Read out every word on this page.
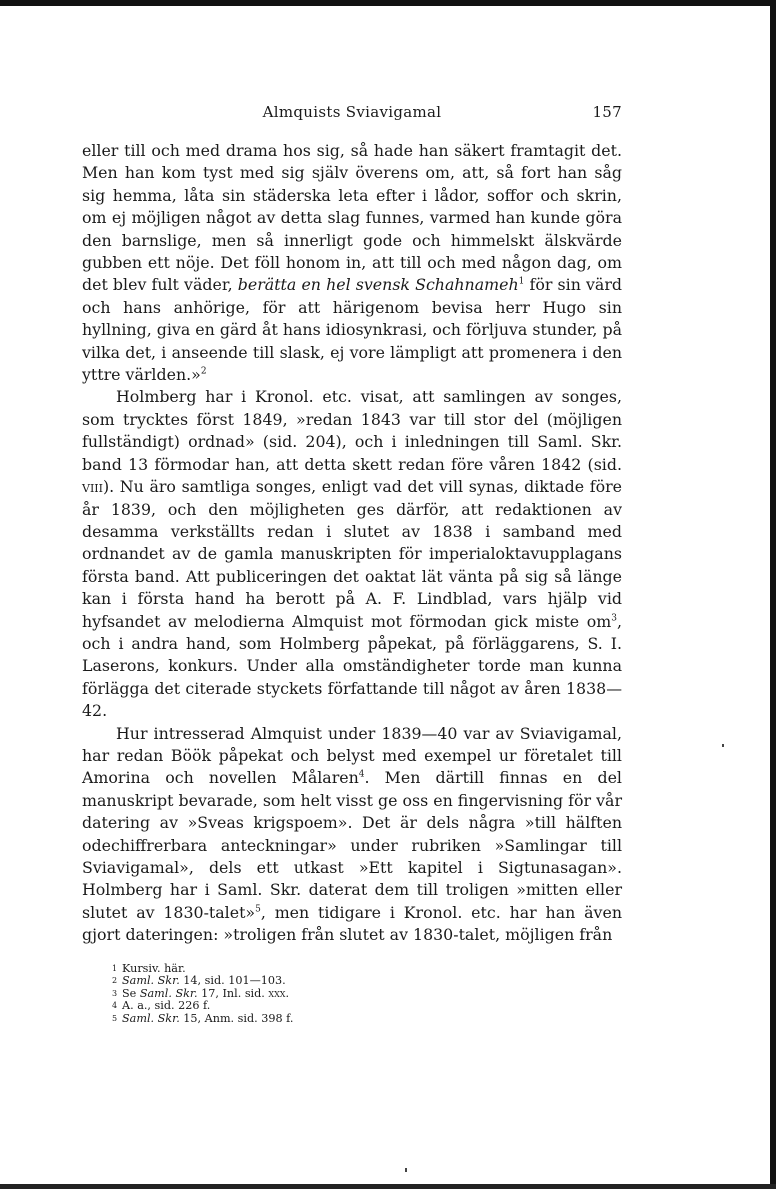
Almquists Sviavigamal	157

eller till och med drama hos sig, så hade han säkert framtagit det. Men han kom tyst med sig själv överens om, att, så fort han såg sig hemma, låta sin städerska leta efter i lådor, soffor och skrin, om ej möjligen något av detta slag funnes, varmed han kunde göra den barnslige, men så innerligt gode och himmelskt älskvärde gubben ett nöje. Det föll honom in, att till och med någon dag, om det blev fult väder, berätta en hel svensk Schahnameh$^1$ för sin värd och hans anhörige, för att härigenom bevisa herr Hugo sin hyllning, giva en gärd åt hans idiosynkrasi, och förljuva stunder, på vilka det, i anseende till slask, ej vore lämpligt att promenera i den yttre världen.»$^2$

Holmberg har i Kronol. etc. visat, att samlingen av songes, som trycktes först 1849, »redan 1843 var till stor del (möjligen fullständigt) ordnad» (sid. 204), och i inledningen till Saml. Skr. band 13 förmodar han, att detta skett redan före våren 1842 (sid. viii). Nu äro samtliga songes, enligt vad det vill synas, diktade före år 1839, och den möjligheten ges därför, att redaktionen av desamma verkställts redan i slutet av 1838 i samband med ordnandet av de gamla manuskripten för imperialoktavupplagans första band. Att publiceringen det oaktat lät vänta på sig så länge kan i första hand ha berott på A. F. Lindblad, vars hjälp vid hyfsandet av melodierna Almquist mot förmodan gick miste $om^3$, och i andra hand, som Holmberg påpekat, på förläggarens, S. I. Laserons, konkurs. Under alla omständigheter torde man kunna förlägga det citerade styckets författande till något av åren 1838—42.

Hur intresserad Almquist under 1839—40 var av Sviavigamal, har redan Böök påpekat och belyst med exempel ur företalet till Amorina och novellen Målaren$^4$. Men därtill finnas en del manuskript bevarade, som helt visst ge oss en fingervisning för vår datering av »Sveas krigspoem». Det är dels några »till hälften odechiffrerbara anteckningar» under rubriken »Samlingar till Sviavigamal», dels ett utkast »Ett kapitel i Sigtunasagan». Holmberg har i Saml. Skr. daterat dem till troligen »mitten eller slutet av 1830-talet»$^5$, men tidigare i Kronol. etc. har han även gjort dateringen: »troligen från slutet av 1830-talet, möjligen från

1 Kursiv. här.
2 Saml. Skr. 14, sid. 101—103.
3 Se Saml. Skr. 17, Inl. sid. xxx.
4 A. a., sid. 226 f.
5 Saml. Skr. 15, Anm. sid. 398 f.
